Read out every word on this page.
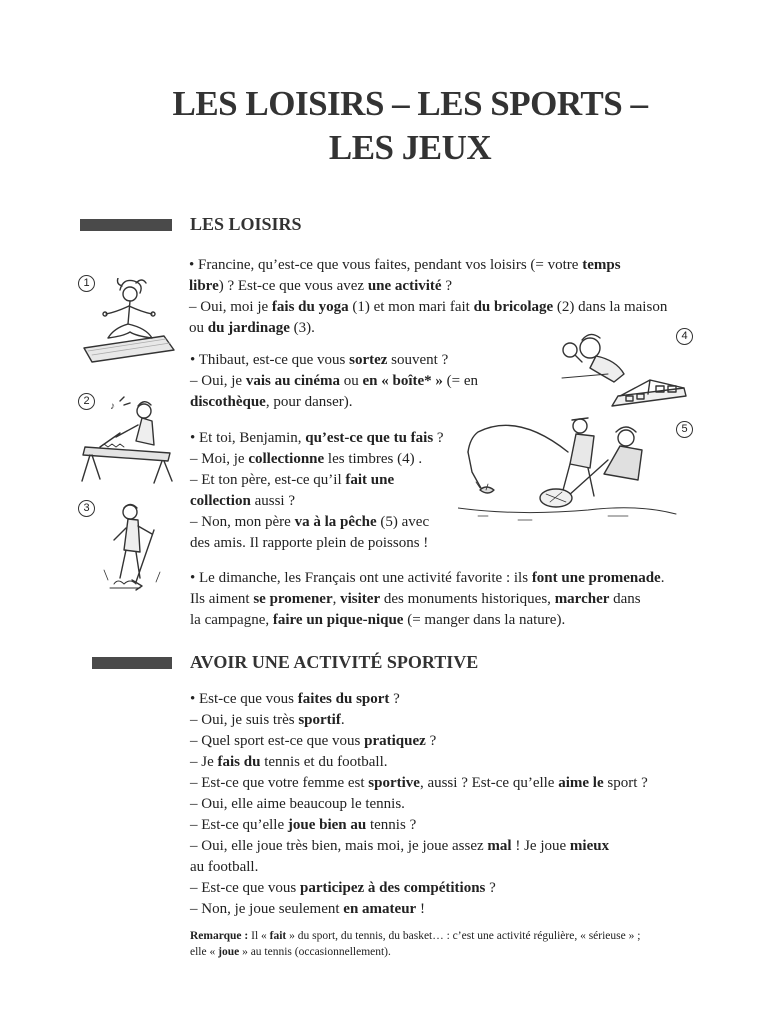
LES LOISIRS – LES SPORTS –
LES JEUX
LES LOISIRS
• Francine, qu’est-ce que vous faites, pendant vos loisirs (= votre temps
libre) ? Est-ce que vous avez une activité ?
– Oui, moi je fais du yoga (1) et mon mari fait du bricolage (2) dans la maison
ou du jardinage (3).
• Thibaut, est-ce que vous sortez souvent ?
– Oui, je vais au cinéma ou en « boîte* » (= en
discothèque, pour danser).
• Et toi, Benjamin, qu’est-ce que tu fais ?
– Moi, je collectionne les timbres (4) .
– Et ton père, est-ce qu’il fait une
collection aussi ?
– Non, mon père va à la pêche (5) avec
des amis. Il rapporte plein de poissons !
• Le dimanche, les Français ont une activité favorite : ils font une promenade.
Ils aiment se promener, visiter des monuments historiques, marcher dans
la campagne, faire un pique-nique (= manger dans la nature).
AVOIR UNE ACTIVITÉ SPORTIVE
• Est-ce que vous faites du sport ?
– Oui, je suis très sportif.
– Quel sport est-ce que vous pratiquez ?
– Je fais du tennis et du football.
– Est-ce que votre femme est sportive, aussi ? Est-ce qu’elle aime le sport ?
– Oui, elle aime beaucoup le tennis.
– Est-ce qu’elle joue bien au tennis ?
– Oui, elle joue très bien, mais moi, je joue assez mal ! Je joue mieux
au football.
– Est-ce que vous participez à des compétitions ?
– Non, je joue seulement en amateur !
Remarque : Il « fait » du sport, du tennis, du basket… : c’est une activité régulière, « sérieuse » ;
elle « joue » au tennis (occasionnellement).
1
2
3
4
5
♪
